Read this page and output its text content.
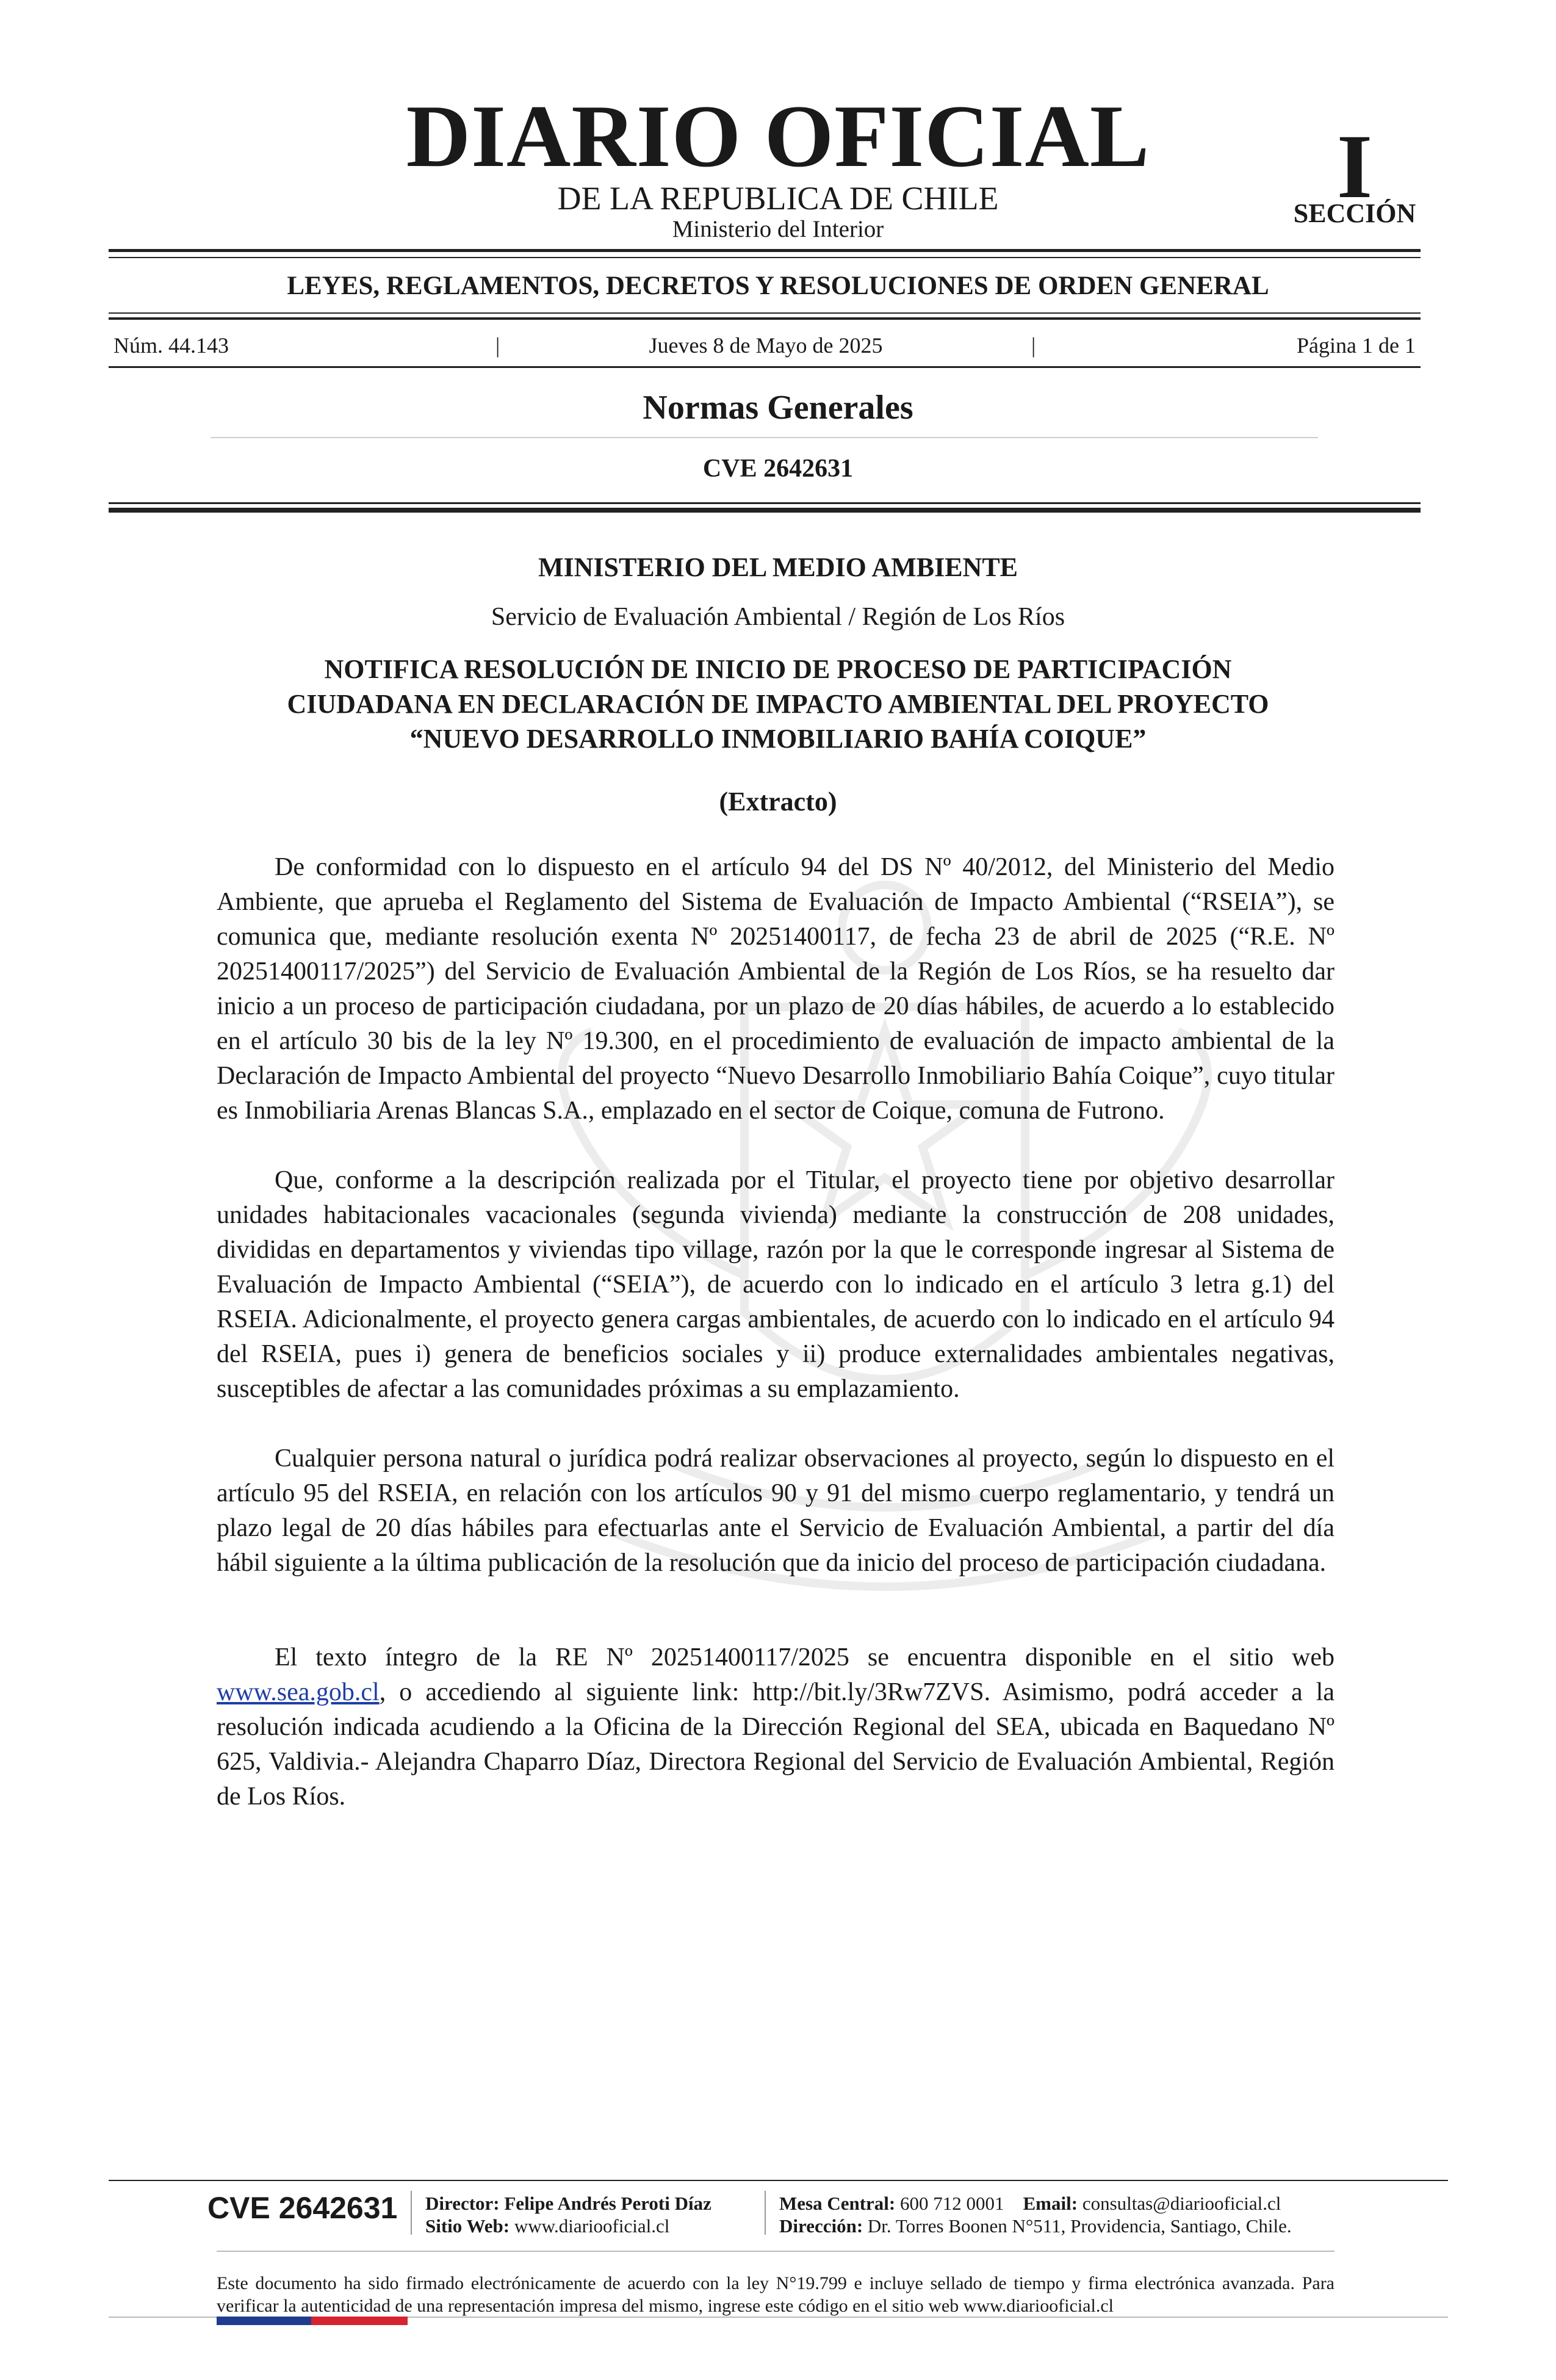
DIARIO OFICIAL
DE LA REPUBLICA DE CHILE
Ministerio del Interior
I
SECCIÓN
LEYES, REGLAMENTOS, DECRETOS Y RESOLUCIONES DE ORDEN GENERAL
Núm. 44.143	|	Jueves 8 de Mayo de 2025	|	Página 1 de 1
Normas Generales
CVE 2642631
MINISTERIO DEL MEDIO AMBIENTE
Servicio de Evaluación Ambiental / Región de Los Ríos
NOTIFICA RESOLUCIÓN DE INICIO DE PROCESO DE PARTICIPACIÓN
CIUDADANA EN DECLARACIÓN DE IMPACTO AMBIENTAL DEL PROYECTO
“NUEVO DESARROLLO INMOBILIARIO BAHÍA COIQUE”
(Extracto)

De conformidad con lo dispuesto en el artículo 94 del DS Nº 40/2012, del Ministerio del Medio Ambiente, que aprueba el Reglamento del Sistema de Evaluación de Impacto Ambiental (“RSEIA”), se comunica que, mediante resolución exenta Nº 20251400117, de fecha 23 de abril de 2025 (“R.E. Nº 20251400117/2025”) del Servicio de Evaluación Ambiental de la Región de Los Ríos, se ha resuelto dar inicio a un proceso de participación ciudadana, por un plazo de 20 días hábiles, de acuerdo a lo establecido en el artículo 30 bis de la ley Nº 19.300, en el procedimiento de evaluación de impacto ambiental de la Declaración de Impacto Ambiental del proyecto “Nuevo Desarrollo Inmobiliario Bahía Coique”, cuyo titular es Inmobiliaria Arenas Blancas S.A., emplazado en el sector de Coique, comuna de Futrono.

Que, conforme a la descripción realizada por el Titular, el proyecto tiene por objetivo desarrollar unidades habitacionales vacacionales (segunda vivienda) mediante la construcción de 208 unidades, divididas en departamentos y viviendas tipo village, razón por la que le corresponde ingresar al Sistema de Evaluación de Impacto Ambiental (“SEIA”), de acuerdo con lo indicado en el artículo 3 letra g.1) del RSEIA. Adicionalmente, el proyecto genera cargas ambientales, de acuerdo con lo indicado en el artículo 94 del RSEIA, pues i) genera de beneficios sociales y ii) produce externalidades ambientales negativas, susceptibles de afectar a las comunidades próximas a su emplazamiento.

Cualquier persona natural o jurídica podrá realizar observaciones al proyecto, según lo dispuesto en el artículo 95 del RSEIA, en relación con los artículos 90 y 91 del mismo cuerpo reglamentario, y tendrá un plazo legal de 20 días hábiles para efectuarlas ante el Servicio de Evaluación Ambiental, a partir del día hábil siguiente a la última publicación de la resolución que da inicio del proceso de participación ciudadana.

El texto íntegro de la RE Nº 20251400117/2025 se encuentra disponible en el sitio web www.sea.gob.cl, o accediendo al siguiente link: http://bit.ly/3Rw7ZVS. Asimismo, podrá acceder a la resolución indicada acudiendo a la Oficina de la Dirección Regional del SEA, ubicada en Baquedano Nº 625, Valdivia.- Alejandra Chaparro Díaz, Directora Regional del Servicio de Evaluación Ambiental, Región de Los Ríos.

CVE 2642631 Director: Felipe Andrés Peroti Díaz
Sitio Web: www.diariooficial.cl
Mesa Central: 600 712 0001 Email: consultas@diariooficial.cl
Dirección: Dr. Torres Boonen N°511, Providencia, Santiago, Chile.
Este documento ha sido firmado electrónicamente de acuerdo con la ley N°19.799 e incluye sellado de tiempo y firma electrónica avanzada. Para verificar la autenticidad de una representación impresa del mismo, ingrese este código en el sitio web www.diariooficial.cl
